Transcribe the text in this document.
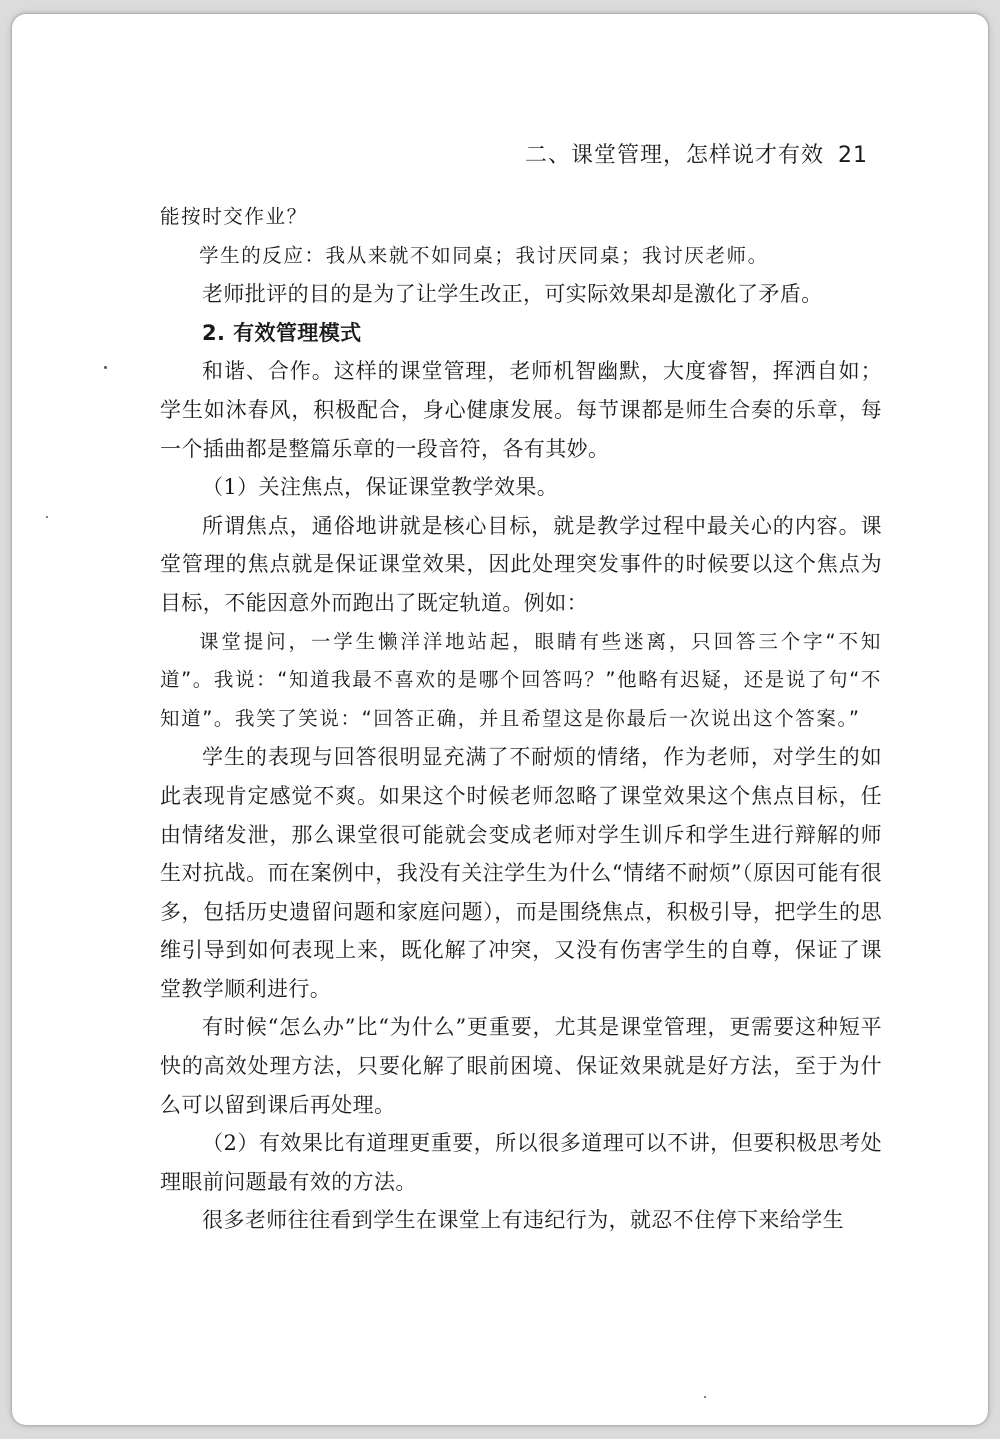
二、课堂管理，怎样说才有效 21

能按时交作业？

学生的反应：我从来就不如同桌；我讨厌同桌；我讨厌老师。

老师批评的目的是为了让学生改正，可实际效果却是激化了矛盾。

2. 有效管理模式

和谐、合作。这样的课堂管理，老师机智幽默，大度睿智，挥洒自如；学生如沐春风，积极配合，身心健康发展。每节课都是师生合奏的乐章，每一个插曲都是整篇乐章的一段音符，各有其妙。

（1）关注焦点，保证课堂教学效果。

所谓焦点，通俗地讲就是核心目标，就是教学过程中最关心的内容。课堂管理的焦点就是保证课堂效果，因此处理突发事件的时候要以这个焦点为目标，不能因意外而跑出了既定轨道。例如：

课堂提问，一学生懒洋洋地站起，眼睛有些迷离，只回答三个字“不知道”。我说：“知道我最不喜欢的是哪个回答吗？”他略有迟疑，还是说了句“不知道”。我笑了笑说：“回答正确，并且希望这是你最后一次说出这个答案。”

学生的表现与回答很明显充满了不耐烦的情绪，作为老师，对学生的如此表现肯定感觉不爽。如果这个时候老师忽略了课堂效果这个焦点目标，任由情绪发泄，那么课堂很可能就会变成老师对学生训斥和学生进行辩解的师生对抗战。而在案例中，我没有关注学生为什么“情绪不耐烦”（原因可能有很多，包括历史遗留问题和家庭问题），而是围绕焦点，积极引导，把学生的思维引导到如何表现上来，既化解了冲突，又没有伤害学生的自尊，保证了课堂教学顺利进行。

有时候“怎么办”比“为什么”更重要，尤其是课堂管理，更需要这种短平快的高效处理方法，只要化解了眼前困境、保证效果就是好方法，至于为什么可以留到课后再处理。

（2）有效果比有道理更重要，所以很多道理可以不讲，但要积极思考处理眼前问题最有效的方法。

很多老师往往看到学生在课堂上有违纪行为，就忍不住停下来给学生
